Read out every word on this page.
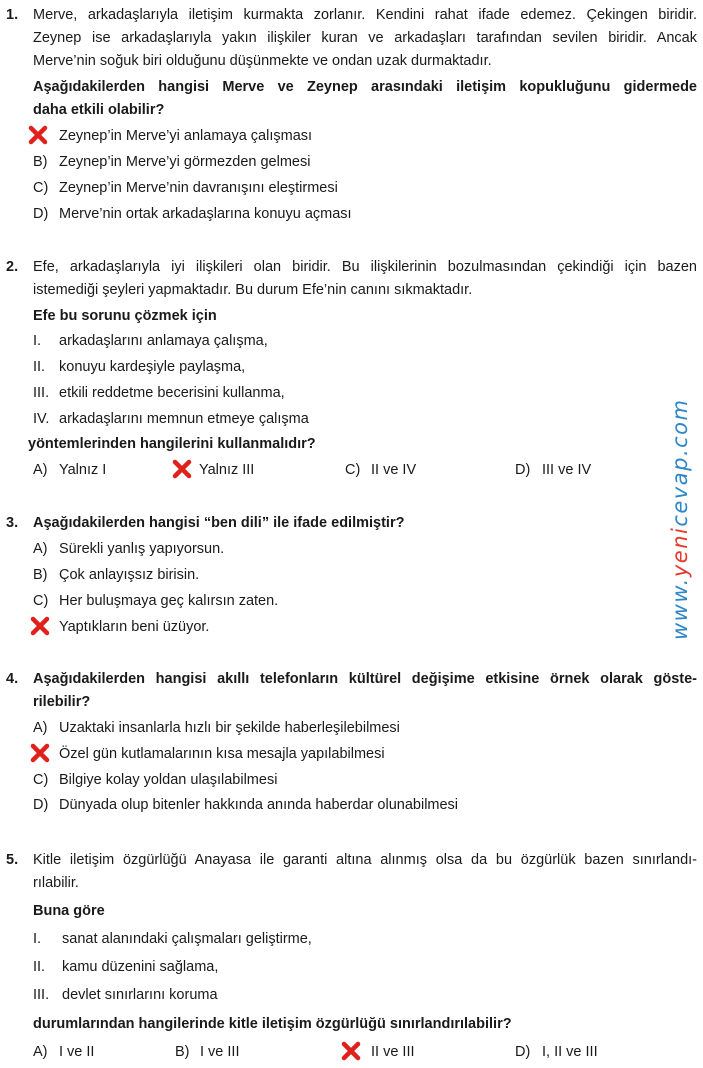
1. Merve, arkadaşlarıyla iletişim kurmakta zorlanır. Kendini rahat ifade edemez. Çekingen biridir.
Zeynep ise arkadaşlarıyla yakın ilişkiler kuran ve arkadaşları tarafından sevilen biridir. Ancak
Merve’nin soğuk biri olduğunu düşünmekte ve ondan uzak durmaktadır.
Aşağıdakilerden hangisi Merve ve Zeynep arasındaki iletişim kopukluğunu gidermede
daha etkili olabilir?
Zeynep’in Merve’yi anlamaya çalışması
B) Zeynep’in Merve’yi görmezden gelmesi
C) Zeynep’in Merve’nin davranışını eleştirmesi
D) Merve’nin ortak arkadaşlarına konuyu açması
2. Efe, arkadaşlarıyla iyi ilişkileri olan biridir. Bu ilişkilerinin bozulmasından çekindiği için bazen
istemediği şeyleri yapmaktadır. Bu durum Efe’nin canını sıkmaktadır.
Efe bu sorunu çözmek için
I. arkadaşlarını anlamaya çalışma,
II. konuyu kardeşiyle paylaşma,
III. etkili reddetme becerisini kullanma,
IV. arkadaşlarını memnun etmeye çalışma
yöntemlerinden hangilerini kullanmalıdır?
A) Yalnız I	Yalnız III	C) II ve IV	D) III ve IV
3. Aşağıdakilerden hangisi “ben dili” ile ifade edilmiştir?
A) Sürekli yanlış yapıyorsun.
B) Çok anlayışsız birisin.
C) Her buluşmaya geç kalırsın zaten.
Yaptıkların beni üzüyor.
4. Aşağıdakilerden hangisi akıllı telefonların kültürel değişime etkisine örnek olarak göste-
rilebilir?
A) Uzaktaki insanlarla hızlı bir şekilde haberleşilebilmesi
Özel gün kutlamalarının kısa mesajla yapılabilmesi
C) Bilgiye kolay yoldan ulaşılabilmesi
D) Dünyada olup bitenler hakkında anında haberdar olunabilmesi
5. Kitle iletişim özgürlüğü Anayasa ile garanti altına alınmış olsa da bu özgürlük bazen sınırlandı-
rılabilir.
Buna göre
I. sanat alanındaki çalışmaları geliştirme,
II. kamu düzenini sağlama,
III. devlet sınırlarını koruma
durumlarından hangilerinde kitle iletişim özgürlüğü sınırlandırılabilir?
A) I ve II	B) I ve III	II ve III	D) I, II ve III
www.yenicevap.com
